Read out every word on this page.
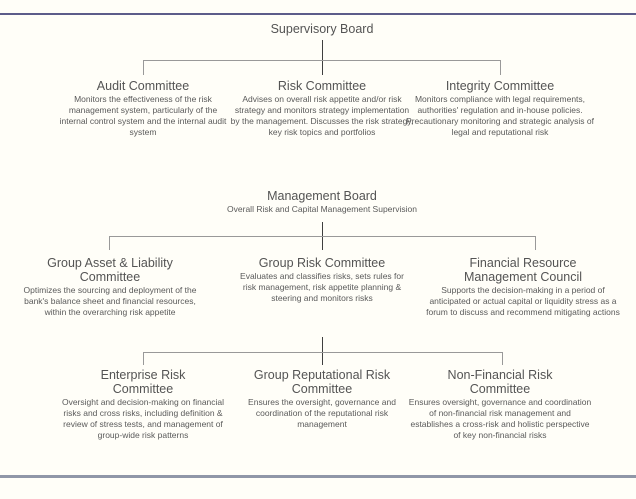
Supervisory Board
Audit Committee
Monitors the effectiveness of the risk management system, particularly of the internal control system and the internal audit system
Risk Committee
Advises on overall risk appetite and/or risk strategy and monitors strategy implementation by the management. Discusses the risk strategy, key risk topics and portfolios
Integrity Committee
Monitors compliance with legal requirements, authorities' regulation and in-house policies. Precautionary monitoring and strategic analysis of legal and reputational risk
Management Board
Overall Risk and Capital Management Supervision
Group Asset & Liability Committee
Optimizes the sourcing and deployment of the bank's balance sheet and financial resources, within the overarching risk appetite
Group Risk Committee
Evaluates and classifies risks, sets rules for risk management, risk appetite planning & steering and monitors risks
Financial Resource Management Council
Supports the decision-making in a period of anticipated or actual capital or liquidity stress as a forum to discuss and recommend mitigating actions
Enterprise Risk Committee
Oversight and decision-making on financial risks and cross risks, including definition & review of stress tests, and management of group-wide risk patterns
Group Reputational Risk Committee
Ensures the oversight, governance and coordination of the reputational risk management
Non-Financial Risk Committee
Ensures oversight, governance and coordination of non-financial risk management and establishes a cross-risk and holistic perspective of key non-financial risks
